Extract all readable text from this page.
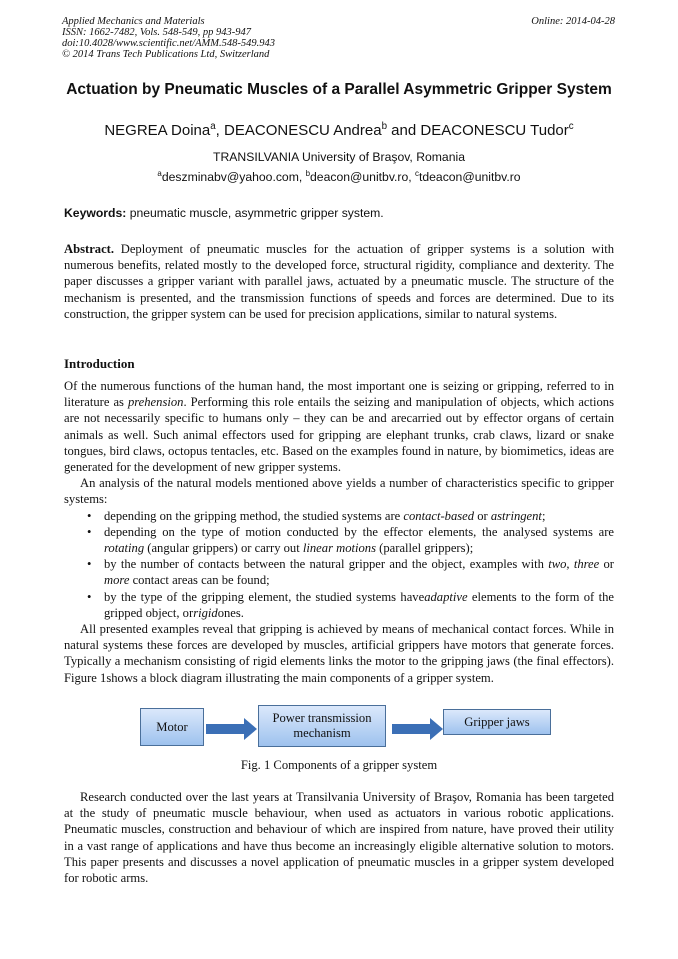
Applied Mechanics and Materials
ISSN: 1662-7482, Vols. 548-549, pp 943-947
doi:10.4028/www.scientific.net/AMM.548-549.943
© 2014 Trans Tech Publications Ltd, Switzerland
Online: 2014-04-28
Actuation by Pneumatic Muscles of a Parallel Asymmetric Gripper System
NEGREA Doina$^a$, DEACONESCU Andrea$^b$ and DEACONESCU Tudor$^c$
TRANSILVANIA University of Braşov, Romania
$^a$deszminabv@yahoo.com, $^b$deacon@unitbv.ro, $^c$tdeacon@unitbv.ro
Keywords: pneumatic muscle, asymmetric gripper system.

Abstract. Deployment of pneumatic muscles for the actuation of gripper systems is a solution with numerous benefits, related mostly to the developed force, structural rigidity, compliance and dexterity. The paper discusses a gripper variant with parallel jaws, actuated by a pneumatic muscle. The structure of the mechanism is presented, and the transmission functions of speeds and forces are determined. Due to its construction, the gripper system can be used for precision applications, similar to natural systems.

Introduction

Of the numerous functions of the human hand, the most important one is seizing or gripping, referred to in literature as prehension. Performing this role entails the seizing and manipulation of objects, which actions are not necessarily specific to humans only – they can be and arecarried out by effector organs of certain animals as well. Such animal effectors used for gripping are elephant trunks, crab claws, lizard or snake tongues, bird claws, octopus tentacles, etc. Based on the examples found in nature, by biomimetics, ideas are generated for the development of new gripper systems.

An analysis of the natural models mentioned above yields a number of characteristics specific to gripper systems:

• depending on the gripping method, the studied systems are contact-based or astringent;
• depending on the type of motion conducted by the effector elements, the analysed systems are rotating (angular grippers) or carry out linear motions (parallel grippers);
• by the number of contacts between the natural gripper and the object, examples with two, three or more contact areas can be found;
• by the type of the gripping element, the studied systems haveadaptive elements to the form of the gripped object, orrigidones.

All presented examples reveal that gripping is achieved by means of mechanical contact forces. While in natural systems these forces are developed by muscles, artificial grippers have motors that generate forces. Typically a mechanism consisting of rigid elements links the motor to the gripping jaws (the final effectors). Figure 1shows a block diagram illustrating the main components of a gripper system.

Motor
Power transmission mechanism
Gripper jaws
Fig. 1 Components of a gripper system

Research conducted over the last years at Transilvania University of Braşov, Romania has been targeted at the study of pneumatic muscle behaviour, when used as actuators in various robotic applications. Pneumatic muscles, construction and behaviour of which are inspired from nature, have proved their utility in a vast range of applications and have thus become an increasingly eligible alternative solution to motors. This paper presents and discusses a novel application of pneumatic muscles in a gripper system developed for robotic arms.
